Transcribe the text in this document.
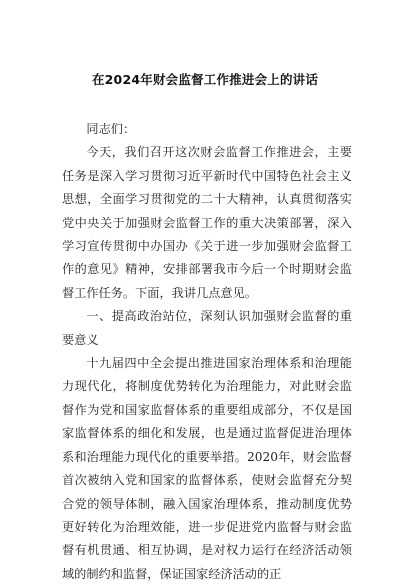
在2024年财会监督工作推进会上的讲话

同志们：

今天，我们召开这次财会监督工作推进会，主要任务是深入学习贯彻习近平新时代中国特色社会主义思想，全面学习贯彻党的二十大精神，认真贯彻落实党中央关于加强财会监督工作的重大决策部署，深入学习宣传贯彻中办国办《关于进一步加强财会监督工作的意见》精神，安排部署我市今后一个时期财会监督工作任务。下面，我讲几点意见。

一、提高政治站位，深刻认识加强财会监督的重要意义

十九届四中全会提出推进国家治理体系和治理能力现代化，将制度优势转化为治理能力，对此财会监督作为党和国家监督体系的重要组成部分，不仅是国家监督体系的细化和发展，也是通过监督促进治理体系和治理能力现代化的重要举措。2020年，财会监督首次被纳入党和国家的监督体系，使财会监督充分契合党的领导体制，融入国家治理体系，推动制度优势更好转化为治理效能，进一步促进党内监督与财会监督有机贯通、相互协调，是对权力运行在经济活动领域的制约和监督，保证国家经济活动的正
